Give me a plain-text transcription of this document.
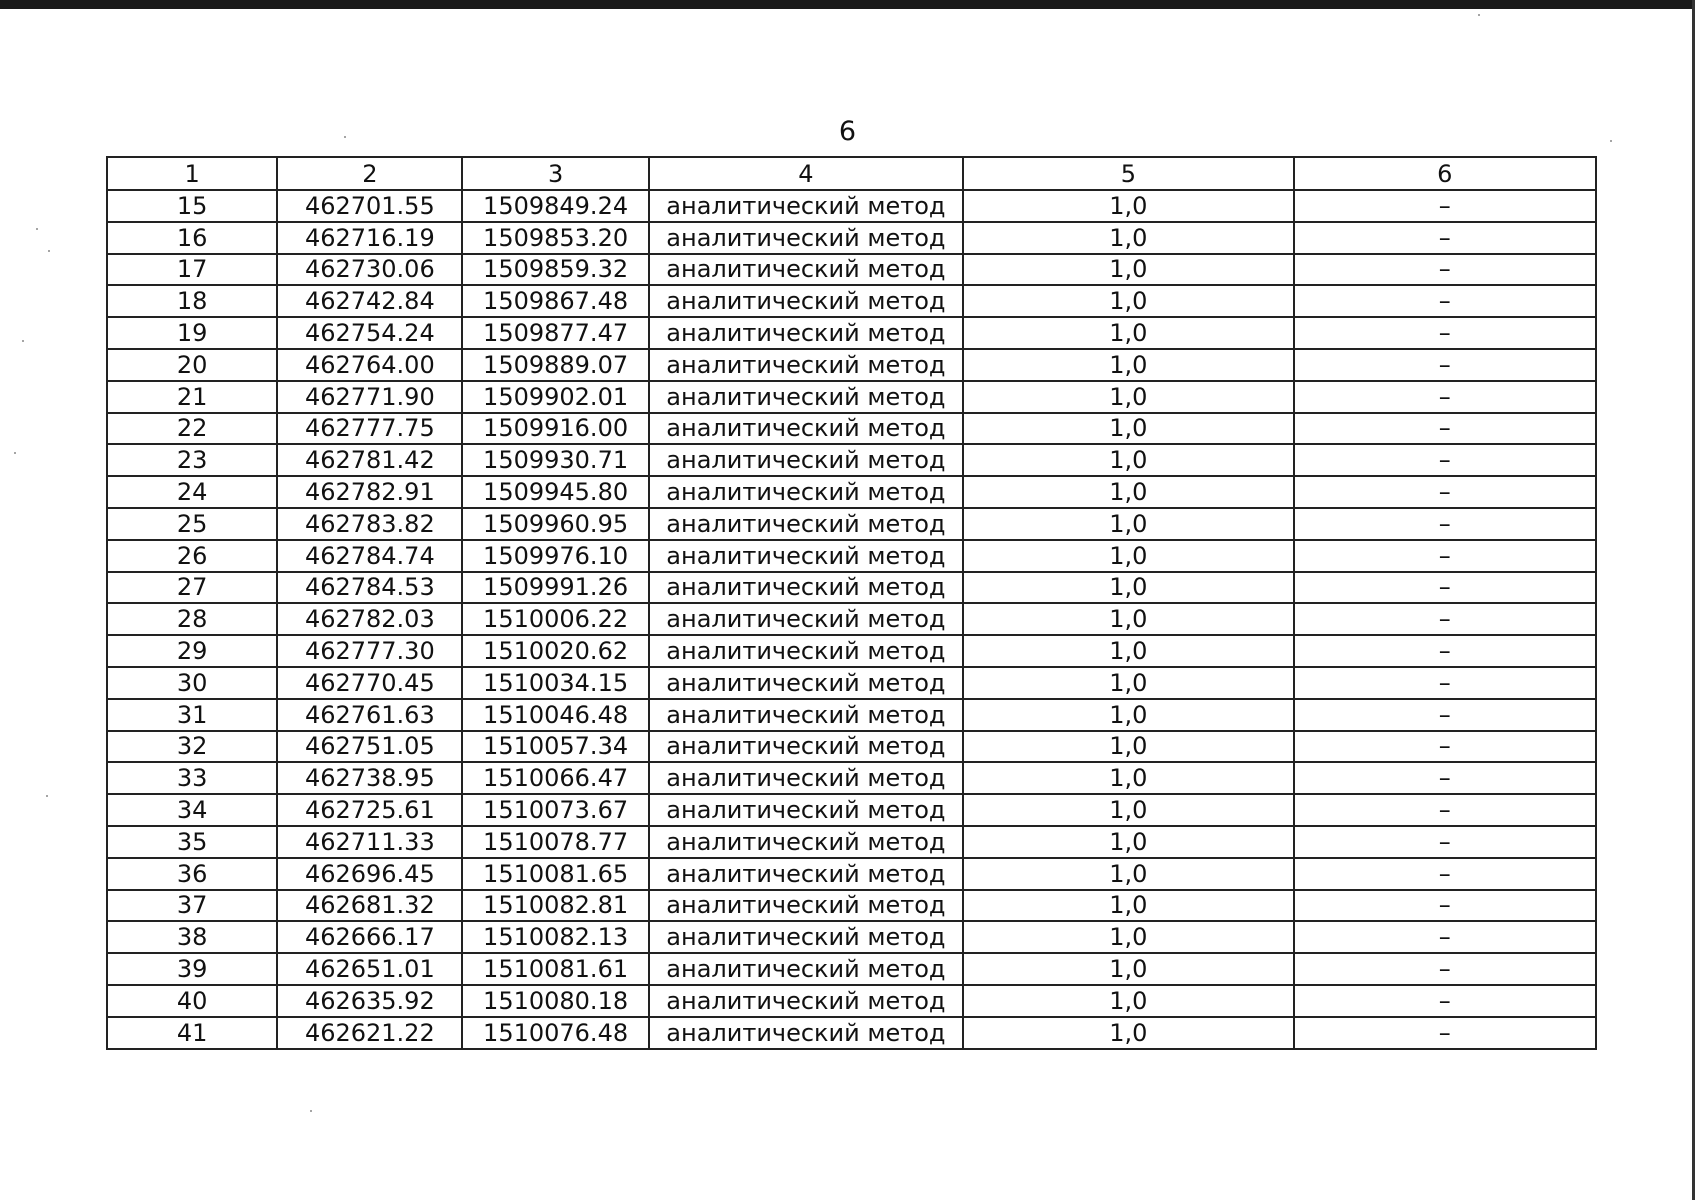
6
1	2	3	4	5	6
15	462701.55	1509849.24	аналитический метод	1,0	–
16	462716.19	1509853.20	аналитический метод	1,0	–
17	462730.06	1509859.32	аналитический метод	1,0	–
18	462742.84	1509867.48	аналитический метод	1,0	–
19	462754.24	1509877.47	аналитический метод	1,0	–
20	462764.00	1509889.07	аналитический метод	1,0	–
21	462771.90	1509902.01	аналитический метод	1,0	–
22	462777.75	1509916.00	аналитический метод	1,0	–
23	462781.42	1509930.71	аналитический метод	1,0	–
24	462782.91	1509945.80	аналитический метод	1,0	–
25	462783.82	1509960.95	аналитический метод	1,0	–
26	462784.74	1509976.10	аналитический метод	1,0	–
27	462784.53	1509991.26	аналитический метод	1,0	–
28	462782.03	1510006.22	аналитический метод	1,0	–
29	462777.30	1510020.62	аналитический метод	1,0	–
30	462770.45	1510034.15	аналитический метод	1,0	–
31	462761.63	1510046.48	аналитический метод	1,0	–
32	462751.05	1510057.34	аналитический метод	1,0	–
33	462738.95	1510066.47	аналитический метод	1,0	–
34	462725.61	1510073.67	аналитический метод	1,0	–
35	462711.33	1510078.77	аналитический метод	1,0	–
36	462696.45	1510081.65	аналитический метод	1,0	–
37	462681.32	1510082.81	аналитический метод	1,0	–
38	462666.17	1510082.13	аналитический метод	1,0	–
39	462651.01	1510081.61	аналитический метод	1,0	–
40	462635.92	1510080.18	аналитический метод	1,0	–
41	462621.22	1510076.48	аналитический метод	1,0	–
